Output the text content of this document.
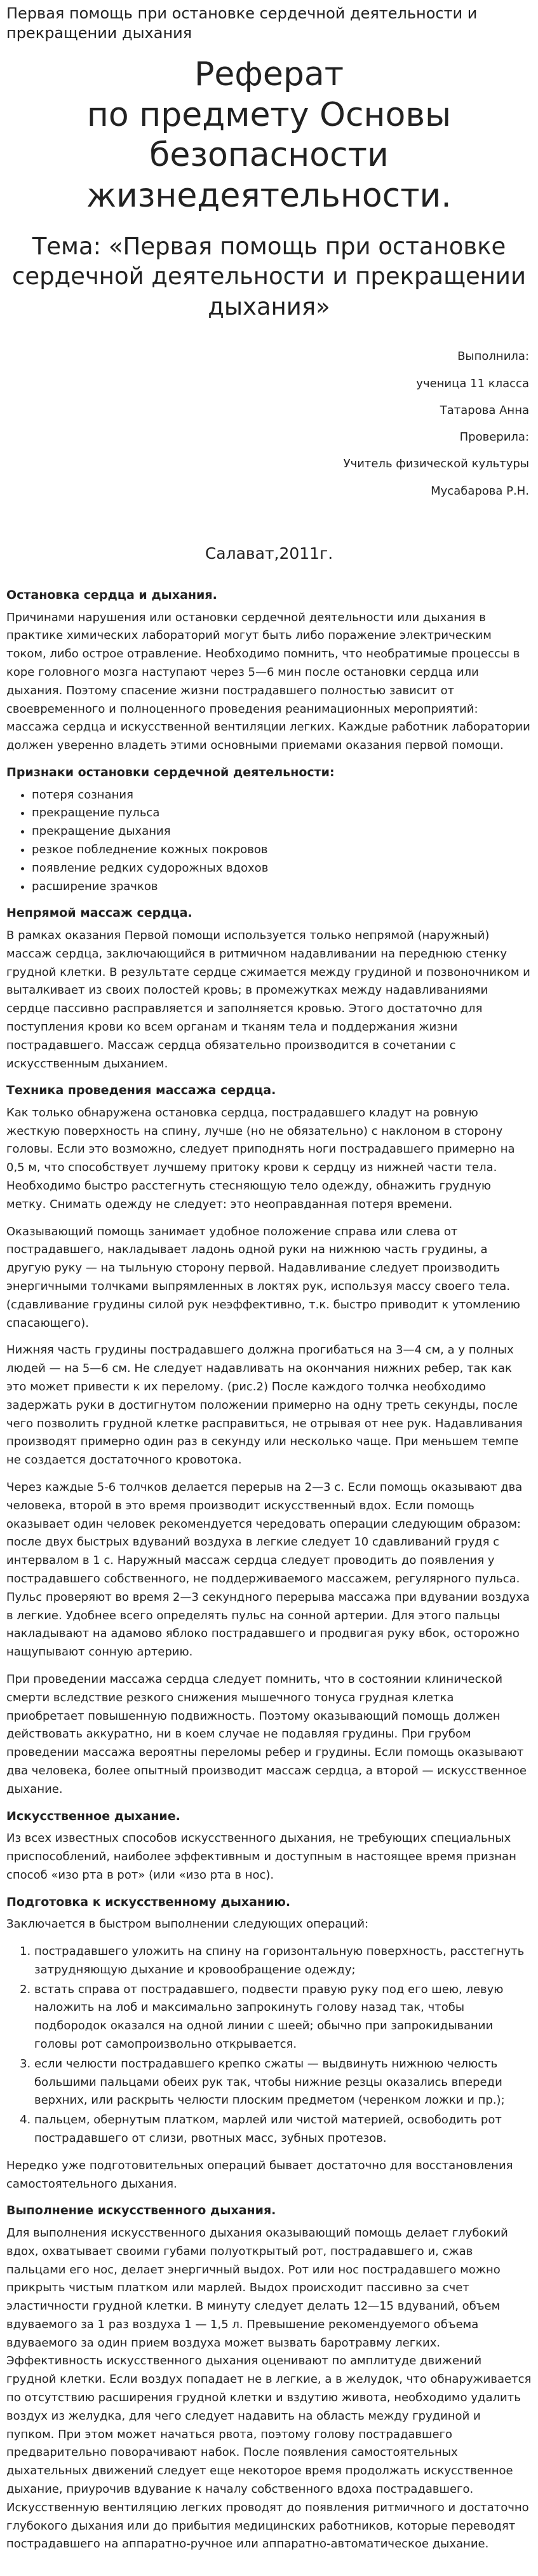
Первая помощь при остановке сердечной деятельности и прекращении дыхания
Реферат
по предмету Основы
безопасности
жизнедеятельности.
Тема: «Первая помощь при остановке сердечной деятельности и прекращении дыхания»
Выполнила:
ученица 11 класса
Татарова Анна
Проверила:
Учитель физической культуры
Мусабарова Р.Н.
Салават,2011г.
Остановка сердца и дыхания.

Причинами нарушения или остановки сердечной деятельности или дыхания в практике химических лабораторий могут быть либо поражение электрическим током, либо острое отравление. Необходимо помнить, что необратимые процессы в коре головного мозга наступают через 5—6 мин после остановки сердца или дыхания. Поэтому спасение жизни пострадавшего полностью зависит от своевременного и полноценного проведения реанимационных мероприятий: массажа сердца и искусственной вентиляции легких. Каждые работник лаборатории должен уверенно владеть этими основными приемами оказания первой помощи.

Признаки остановки сердечной деятельности:
• потеря сознания
• прекращение пульса
• прекращение дыхания
• резкое побледнение кожных покровов
• появление редких судорожных вдохов
• расширение зрачков
Непрямой массаж сердца.

В рамках оказания Первой помощи используется только непрямой (наружный) массаж сердца, заключающийся в ритмичном надавливании на переднюю стенку грудной клетки. В результате сердце сжимается между грудиной и позвоночником и выталкивает из своих полостей кровь; в промежутках между надавливаниями сердце пассивно расправляется и заполняется кровью. Этого достаточно для поступления крови ко всем органам и тканям тела и поддержания жизни пострадавшего. Массаж сердца обязательно производится в сочетании с искусственным дыханием.

Техника проведения массажа сердца.

Как только обнаружена остановка сердца, пострадавшего кладут на ровную жесткую поверхность на спину, лучше (но не обязательно) с наклоном в сторону головы. Если это возможно, следует приподнять ноги пострадавшего примерно на 0,5 м, что способствует лучшему притоку крови к сердцу из нижней части тела. Необходимо быстро расстегнуть стесняющую тело одежду, обнажить грудную метку. Снимать одежду не следует: это неоправданная потеря времени.

Оказывающий помощь занимает удобное положение справа или слева от пострадавшего, накладывает ладонь одной руки на нижнюю часть грудины, а другую руку — на тыльную сторону первой. Надавливание следует производить энергичными толчками выпрямленных в локтях рук, используя массу своего тела. (сдавливание грудины силой рук неэффективно, т.к. быстро приводит к утомлению спасающего).

Нижняя часть грудины пострадавшего должна прогибаться на 3—4 см, а у полных людей — на 5—6 см. Не следует надавливать на окончания нижних ребер, так как это может привести к их перелому. (рис.2) После каждого толчка необходимо задержать руки в достигнутом положении примерно на одну треть секунды, после чего позволить грудной клетке расправиться, не отрывая от нее рук. Надавливания производят примерно один раз в секунду или несколько чаще. При меньшем темпе не создается достаточного кровотока.

Через каждые 5-6 толчков делается перерыв на 2—3 с. Если помощь оказывают два человека, второй в это время производит искусственный вдох. Если помощь оказывает один человек рекомендуется чередовать операции следующим образом: после двух быстрых вдуваний воздуха в легкие следует 10 сдавливаний грудя с интервалом в 1 с. Наружный массаж сердца следует проводить до появления у пострадавшего собственного, не поддерживаемого массажем, регулярного пульса. Пульс проверяют во время 2—3 секундного перерыва массажа при вдувании воздуха в легкие. Удобнее всего определять пульс на сонной артерии. Для этого пальцы накладывают на адамово яблоко пострадавшего и продвигая руку вбок, осторожно нащупывают сонную артерию.

При проведении массажа сердца следует помнить, что в состоянии клинической смерти вследствие резкого снижения мышечного тонуса грудная клетка приобретает повышенную подвижность. Поэтому оказывающий помощь должен действовать аккуратно, ни в коем случае не подавляя грудины. При грубом проведении массажа вероятны переломы ребер и грудины. Если помощь оказывают два человека, более опытный производит массаж сердца, а второй — искусственное дыхание.

Искусственное дыхание.

Из всех известных способов искусственного дыхания, не требующих специальных приспособлений, наиболее эффективным и доступным в настоящее время признан способ «изо рта в рот» (или «изо рта в нос).

Подготовка к искусственному дыханию.

Заключается в быстром выполнении следующих операций:

1. пострадавшего уложить на спину на горизонтальную поверхность, расстегнуть затрудняющую дыхание и кровообращение одежду;
2. встать справа от пострадавшего, подвести правую руку под его шею, левую наложить на лоб и максимально запрокинуть голову назад так, чтобы подбородок оказался на одной линии с шеей; обычно при запрокидывании головы рот самопроизвольно открывается.
3. если челюсти пострадавшего крепко сжаты — выдвинуть нижнюю челюсть большими пальцами обеих рук так, чтобы нижние резцы оказались впереди верхних, или раскрыть челюсти плоским предметом (черенком ложки и пр.);
4. пальцем, обернутым платком, марлей или чистой материей, освободить рот пострадавшего от слизи, рвотных масс, зубных протезов.

Нередко уже подготовительных операций бывает достаточно для восстановления самостоятельного дыхания.

Выполнение искусственного дыхания.

Для выполнения искусственного дыхания оказывающий помощь делает глубокий вдох, охватывает своими губами полуоткрытый рот, пострадавшего и, сжав пальцами его нос, делает энергичный выдох. Рот или нос пострадавшего можно прикрыть чистым платком или марлей. Выдох происходит пассивно за счет эластичности грудной клетки. В минуту следует делать 12—15 вдуваний, объем вдуваемого за 1 раз воздуха 1 — 1,5 л. Превышение рекомендуемого объема вдуваемого за один прием воздуха может вызвать баротравму легких. Эффективность искусственного дыхания оценивают по амплитуде движений грудной клетки. Если воздух попадает не в легкие, а в желудок, что обнаруживается по отсутствию расширения грудной клетки и вздутию живота, необходимо удалить воздух из желудка, для чего следует надавить на область между грудиной и пупком. При этом может начаться рвота, поэтому голову пострадавшего предварительно поворачивают набок. После появления самостоятельных дыхательных движений следует еще некоторое время продолжать искусственное дыхание, приурочив вдувание к началу собственного вдоха пострадавшего. Искусственную вентиляцию легких проводят до появления ритмичного и достаточно глубокого дыхания или до прибытия медицинских работников, которые переводят пострадавшего на аппаратно-ручное или аппаратно-автоматическое дыхание.
